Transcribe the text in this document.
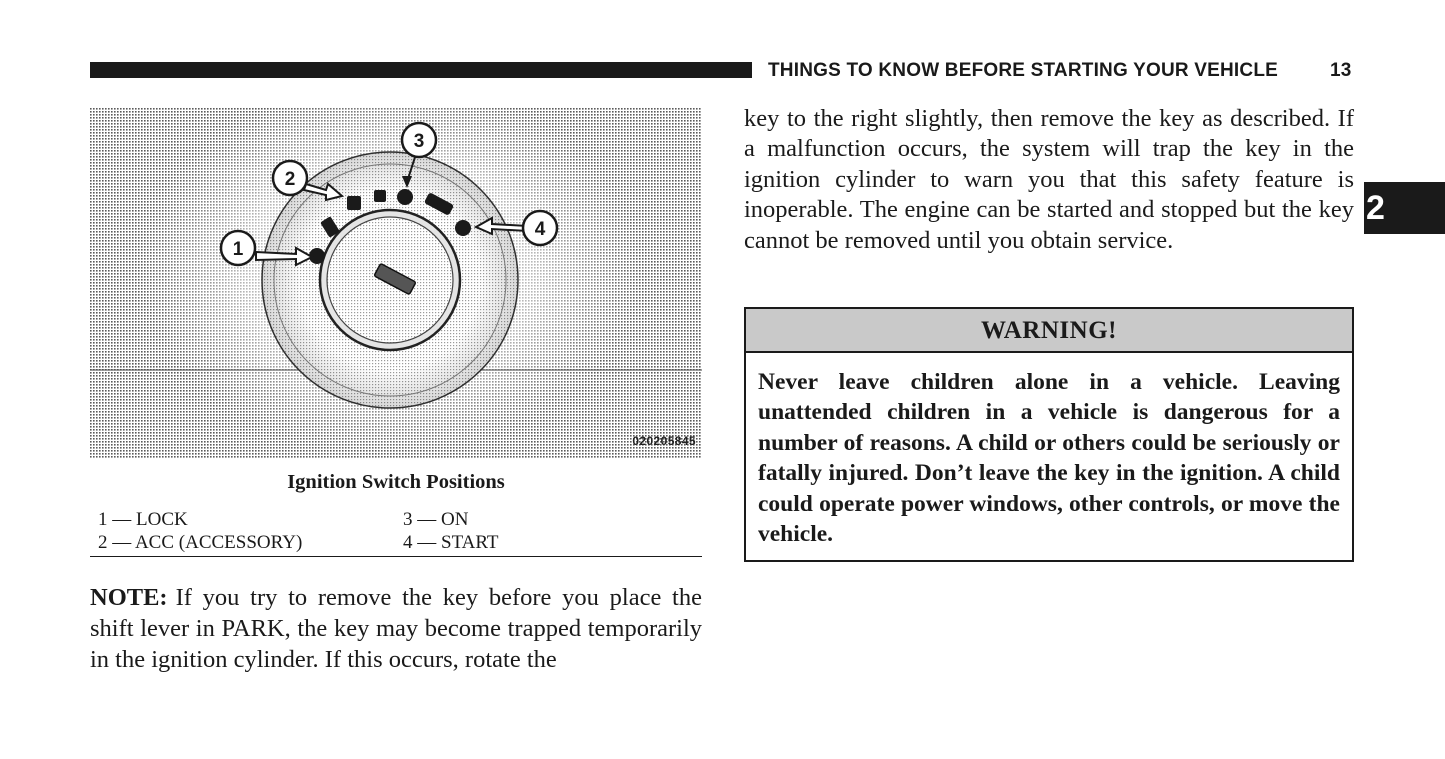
THINGS TO KNOW BEFORE STARTING YOUR VEHICLE	13
2
1
2
3
4
020205845
Ignition Switch Positions
1 — LOCK	3 — ON
2 — ACC (ACCESSORY)	4 — START
NOTE: If you try to remove the key before you place the shift lever in PARK, the key may become trapped temporarily in the ignition cylinder. If this occurs, rotate the
key to the right slightly, then remove the key as described. If a malfunction occurs, the system will trap the key in the ignition cylinder to warn you that this safety feature is inoperable. The engine can be started and stopped but the key cannot be removed until you obtain service.
WARNING!
Never leave children alone in a vehicle. Leaving unattended children in a vehicle is dangerous for a number of reasons. A child or others could be seriously or fatally injured. Don’t leave the key in the ignition. A child could operate power windows, other controls, or move the vehicle.
